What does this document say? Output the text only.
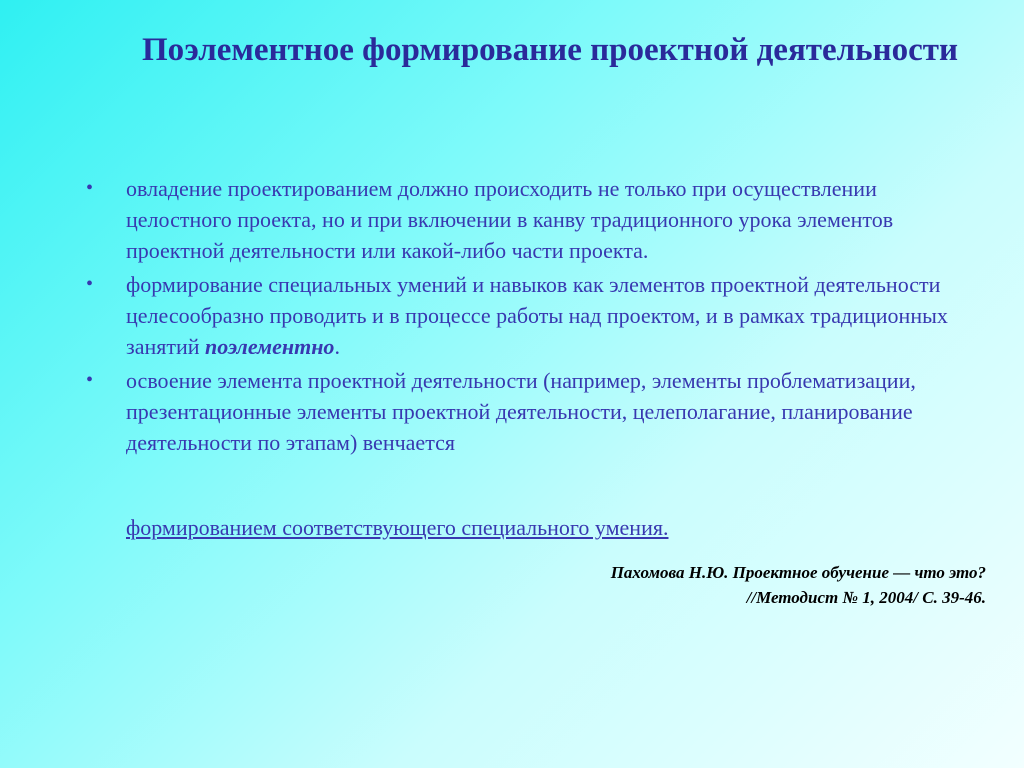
Поэлементное формирование проектной деятельности
• овладение проектированием должно происходить не только при осуществлении целостного проекта, но и при включении в канву традиционного урока элементов проектной деятельности или какой-либо части проекта.
• формирование специальных умений и навыков как элементов проектной деятельности целесообразно проводить и в процессе работы над проектом, и в рамках традиционных занятий поэлементно.
• освоение элемента проектной деятельности (например, элементы проблематизации, презентационные элементы проектной деятельности, целеполагание, планирование деятельности по этапам) венчается
формированием соответствующего специального умения.
Пахомова Н.Ю. Проектное обучение — что это?
//Методист № 1, 2004/ С. 39-46.
